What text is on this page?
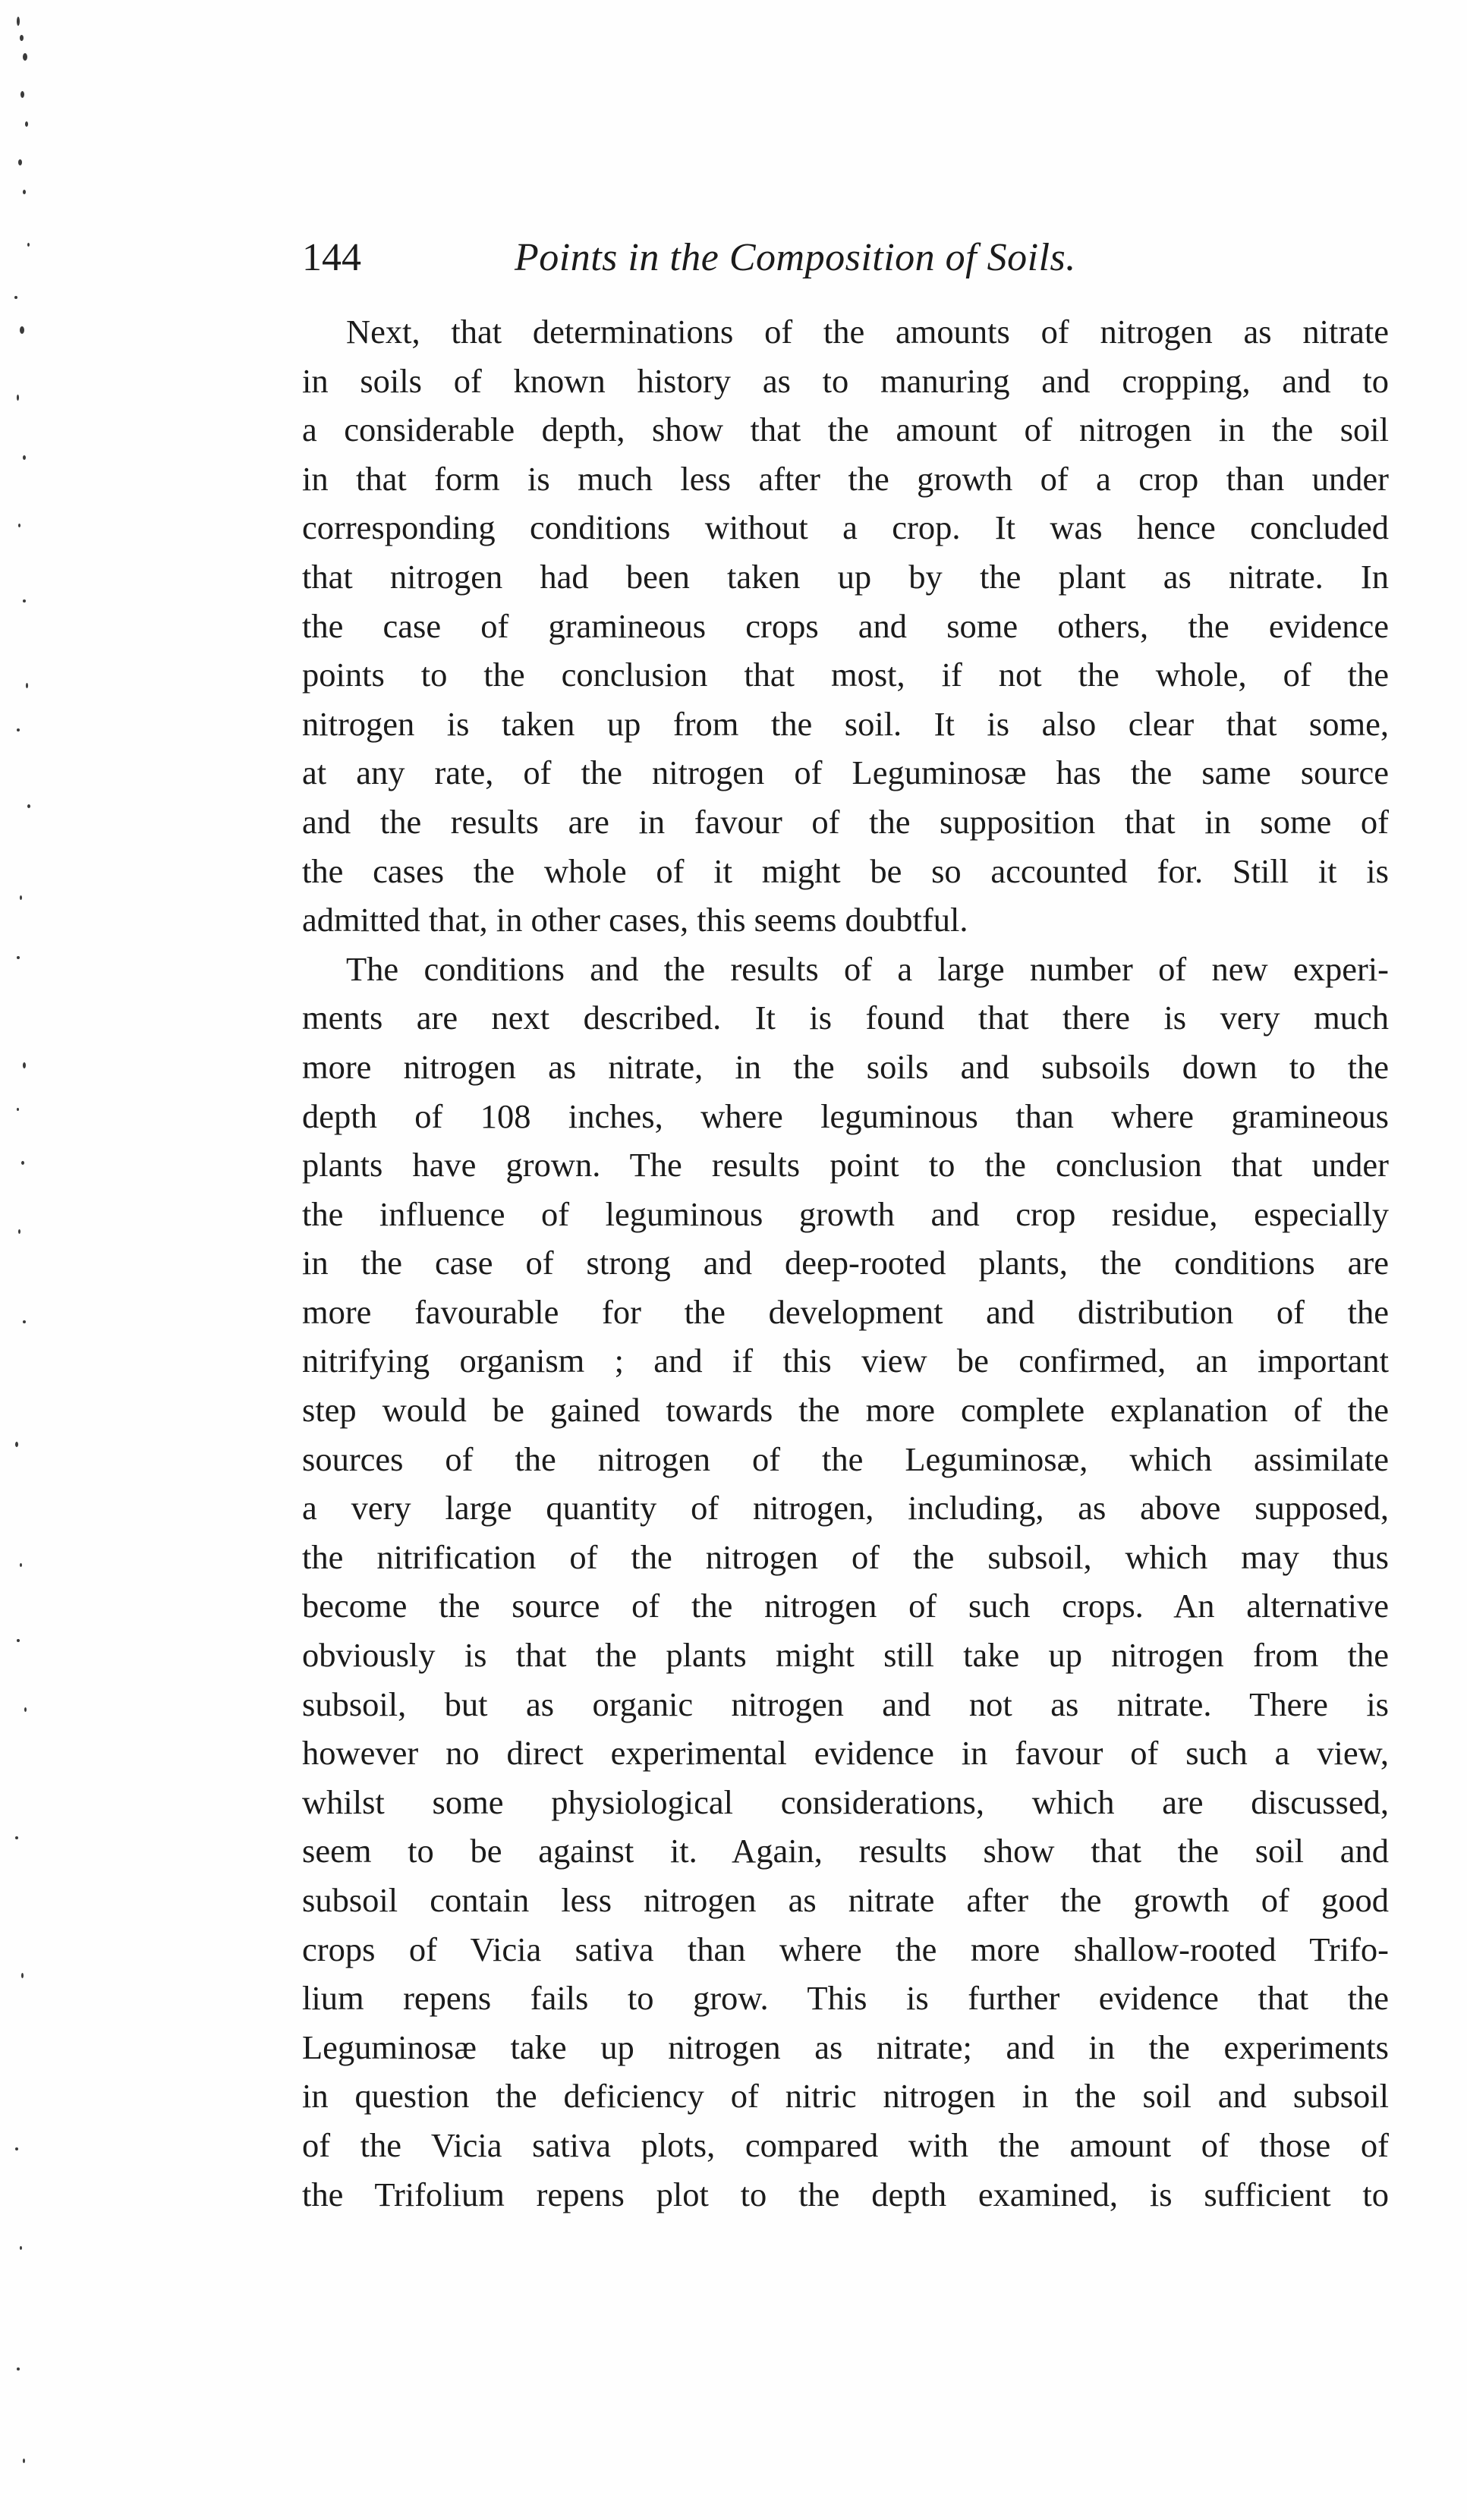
144	Points in the Composition of Soils.
Next, that determinations of the amounts of nitrogen as nitrate
in soils of known history as to manuring and cropping, and to
a considerable depth, show that the amount of nitrogen in the soil
in that form is much less after the growth of a crop than under
corresponding conditions without a crop. It was hence concluded
that nitrogen had been taken up by the plant as nitrate. In
the case of gramineous crops and some others, the evidence
points to the conclusion that most, if not the whole, of the
nitrogen is taken up from the soil. It is also clear that some,
at any rate, of the nitrogen of Leguminosæ has the same source
and the results are in favour of the supposition that in some of
the cases the whole of it might be so accounted for. Still it is
admitted that, in other cases, this seems doubtful.
The conditions and the results of a large number of new experi-
ments are next described. It is found that there is very much
more nitrogen as nitrate, in the soils and subsoils down to the
depth of 108 inches, where leguminous than where gramineous
plants have grown. The results point to the conclusion that under
the influence of leguminous growth and crop residue, especially
in the case of strong and deep-rooted plants, the conditions are
more favourable for the development and distribution of the
nitrifying organism ; and if this view be confirmed, an important
step would be gained towards the more complete explanation of the
sources of the nitrogen of the Leguminosæ, which assimilate
a very large quantity of nitrogen, including, as above supposed,
the nitrification of the nitrogen of the subsoil, which may thus
become the source of the nitrogen of such crops. An alternative
obviously is that the plants might still take up nitrogen from the
subsoil, but as organic nitrogen and not as nitrate. There is
however no direct experimental evidence in favour of such a view,
whilst some physiological considerations, which are discussed,
seem to be against it. Again, results show that the soil and
subsoil contain less nitrogen as nitrate after the growth of good
crops of Vicia sativa than where the more shallow-rooted Trifo-
lium repens fails to grow. This is further evidence that the
Leguminosæ take up nitrogen as nitrate; and in the experiments
in question the deficiency of nitric nitrogen in the soil and subsoil
of the Vicia sativa plots, compared with the amount of those of
the Trifolium repens plot to the depth examined, is sufficient to
